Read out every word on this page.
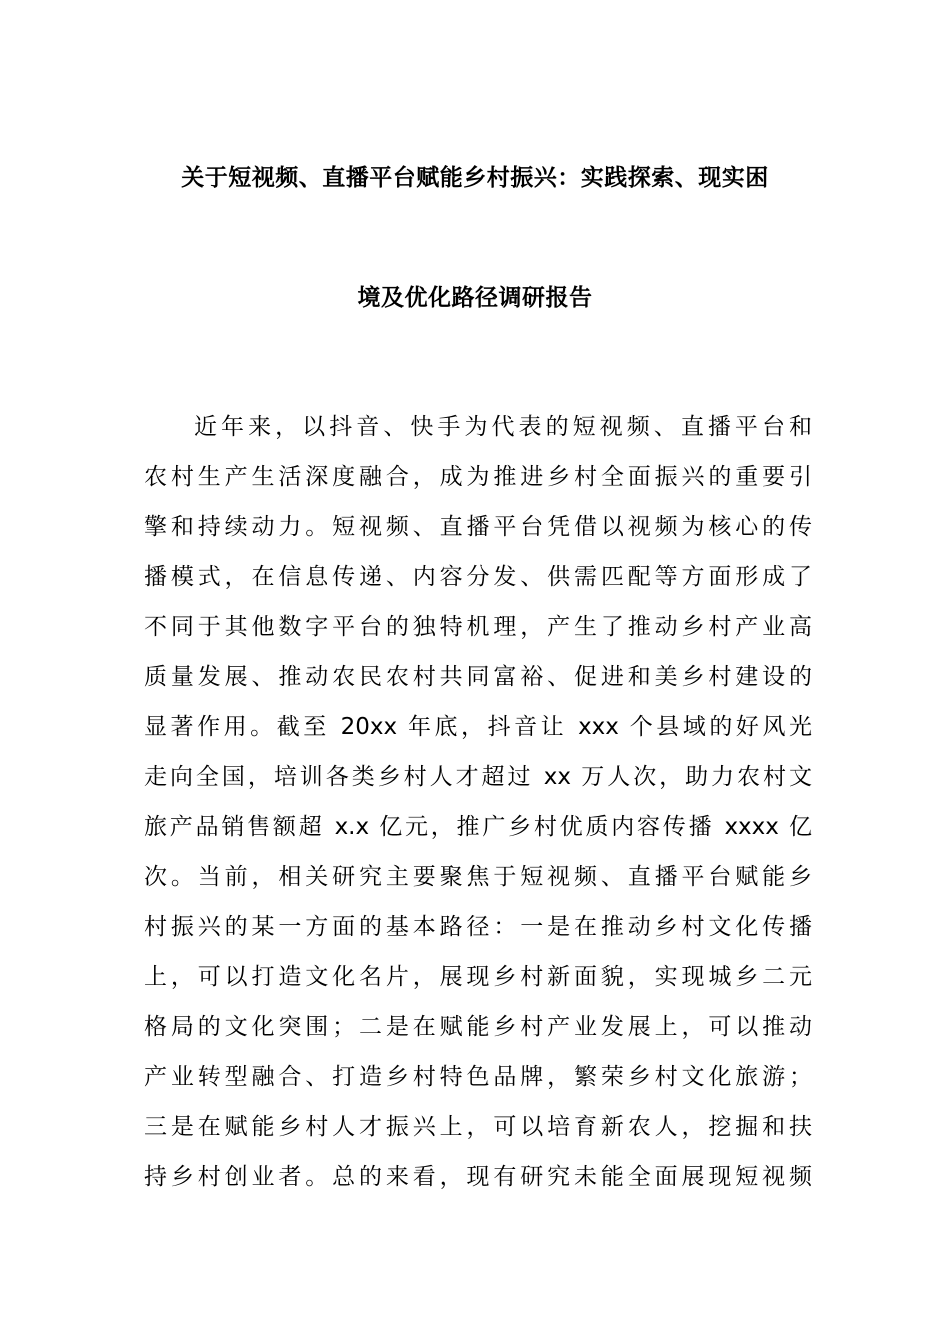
关于短视频、直播平台赋能乡村振兴：实践探索、现实困
境及优化路径调研报告
近年来，以抖音、快手为代表的短视频、直播平台和
农村生产生活深度融合，成为推进乡村全面振兴的重要引
擎和持续动力。短视频、直播平台凭借以视频为核心的传
播模式，在信息传递、内容分发、供需匹配等方面形成了
不同于其他数字平台的独特机理，产生了推动乡村产业高
质量发展、推动农民农村共同富裕、促进和美乡村建设的
显著作用。截至 20xx 年底，抖音让 xxx 个县域的好风光
走向全国，培训各类乡村人才超过 xx 万人次，助力农村文
旅产品销售额超 x.x 亿元，推广乡村优质内容传播 xxxx 亿
次。当前，相关研究主要聚焦于短视频、直播平台赋能乡
村振兴的某一方面的基本路径：一是在推动乡村文化传播
上，可以打造文化名片，展现乡村新面貌，实现城乡二元
格局的文化突围；二是在赋能乡村产业发展上，可以推动
产业转型融合、打造乡村特色品牌，繁荣乡村文化旅游；
三是在赋能乡村人才振兴上，可以培育新农人，挖掘和扶
持乡村创业者。总的来看，现有研究未能全面展现短视频
